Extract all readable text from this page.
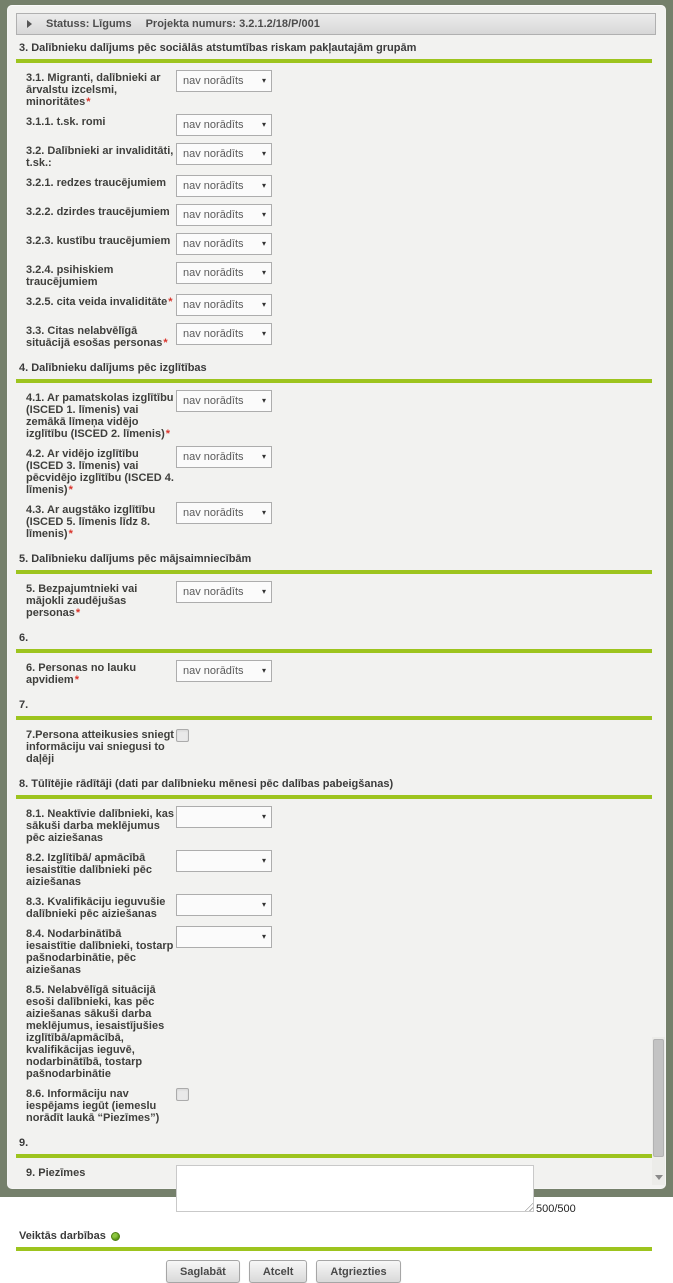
Statuss: Līgums Projekta numurs: 3.2.1.2/18/P/001
3. Dalībnieku dalījums pēc sociālās atstumtības riskam pakļautajām grupām
3.1. Migranti, dalībnieki ar ārvalstu izcelsmi, minoritātes*
nav norādīts ▾
3.1.1. t.sk. romi	nav norādīts ▾
3.2. Dalībnieki ar invaliditāti, t.sk.:
nav norādīts ▾
3.2.1. redzes traucējumiem	nav norādīts ▾
3.2.2. dzirdes traucējumiem	nav norādīts ▾
3.2.3. kustību traucējumiem	nav norādīts ▾
3.2.4. psihiskiem traucējumiem
nav norādīts ▾
3.2.5. cita veida invaliditāte* nav norādīts ▾
3.3. Citas nelabvēlīgā situācijā esošas personas*
nav norādīts ▾
4. Dalībnieku dalījums pēc izglītības
4.1. Ar pamatskolas izglītību (ISCED 1. līmenis) vai zemākā līmeņa vidējo izglītību (ISCED 2. līmenis)*
nav norādīts ▾
4.2. Ar vidējo izglītību (ISCED 3. līmenis) vai pēcvidējo izglītību (ISCED 4. līmenis)*
nav norādīts ▾
4.3. Ar augstāko izglītību (ISCED 5. līmenis līdz 8. līmenis)*
nav norādīts ▾
5. Dalībnieku dalījums pēc mājsaimniecībām
5. Bezpajumtnieki vai mājokli zaudējušas personas*
nav norādīts ▾
6.
6. Personas no lauku apvidiem*
nav norādīts ▾
7.
7.Persona atteikusies sniegt informāciju vai sniegusi to daļēji
8. Tūlītējie rādītāji (dati par dalībnieku mēnesi pēc dalības pabeigšanas)
8.1. Neaktīvie dalībnieki, kas sākuši darba meklējumus pēc aiziešanas
▾
8.2. Izglītībā/ apmācībā iesaistītie dalībnieki pēc aiziešanas
▾
8.3. Kvalifikāciju ieguvušie dalībnieki pēc aiziešanas
▾
8.4. Nodarbinātībā iesaistītie dalībnieki, tostarp pašnodarbinātie, pēc aiziešanas
▾
8.5. Nelabvēlīgā situācijā esoši dalībnieki, kas pēc aiziešanas sākuši darba meklējumus, iesaistījušies izglītībā/apmācībā, kvalifikācijas ieguvē, nodarbinātībā, tostarp pašnodarbinātie
8.6. Informāciju nav iespējams iegūt (iemeslu norādīt laukā “Piezīmes”)
9.
9. Piezīmes
500/500
Veiktās darbības
Saglabāt	Atcelt	Atgriezties
